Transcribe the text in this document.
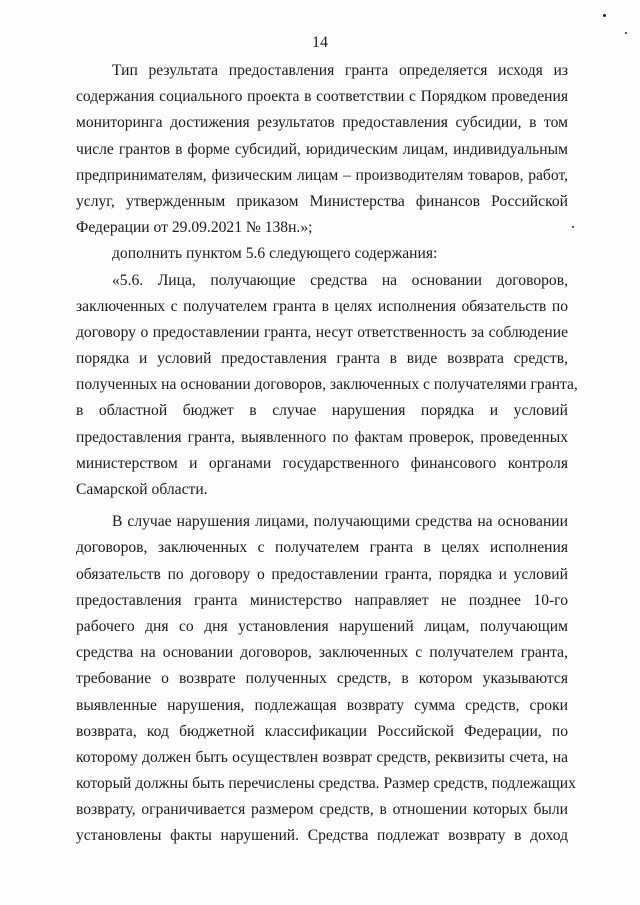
14
Тип результата предоставления гранта определяется исходя из
содержания социального проекта в соответствии с Порядком проведения
мониторинга достижения результатов предоставления субсидии, в том
числе грантов в форме субсидий, юридическим лицам, индивидуальным
предпринимателям, физическим лицам – производителям товаров, работ,
услуг, утвержденным приказом Министерства финансов Российской
Федерации от 29.09.2021 № 138н.»;
дополнить пунктом 5.6 следующего содержания:
«5.6. Лица, получающие средства на основании договоров,
заключенных с получателем гранта в целях исполнения обязательств по
договору о предоставлении гранта, несут ответственность за соблюдение
порядка и условий предоставления гранта в виде возврата средств,
полученных на основании договоров, заключенных с получателями гранта,
в областной бюджет в случае нарушения порядка и условий
предоставления гранта, выявленного по фактам проверок, проведенных
министерством и органами государственного финансового контроля
Самарской области.
В случае нарушения лицами, получающими средства на основании
договоров, заключенных с получателем гранта в целях исполнения
обязательств по договору о предоставлении гранта, порядка и условий
предоставления гранта министерство направляет не позднее 10-го
рабочего дня со дня установления нарушений лицам, получающим
средства на основании договоров, заключенных с получателем гранта,
требование о возврате полученных средств, в котором указываются
выявленные нарушения, подлежащая возврату сумма средств, сроки
возврата, код бюджетной классификации Российской Федерации, по
которому должен быть осуществлен возврат средств, реквизиты счета, на
который должны быть перечислены средства. Размер средств, подлежащих
возврату, ограничивается размером средств, в отношении которых были
установлены факты нарушений. Средства подлежат возврату в доход
